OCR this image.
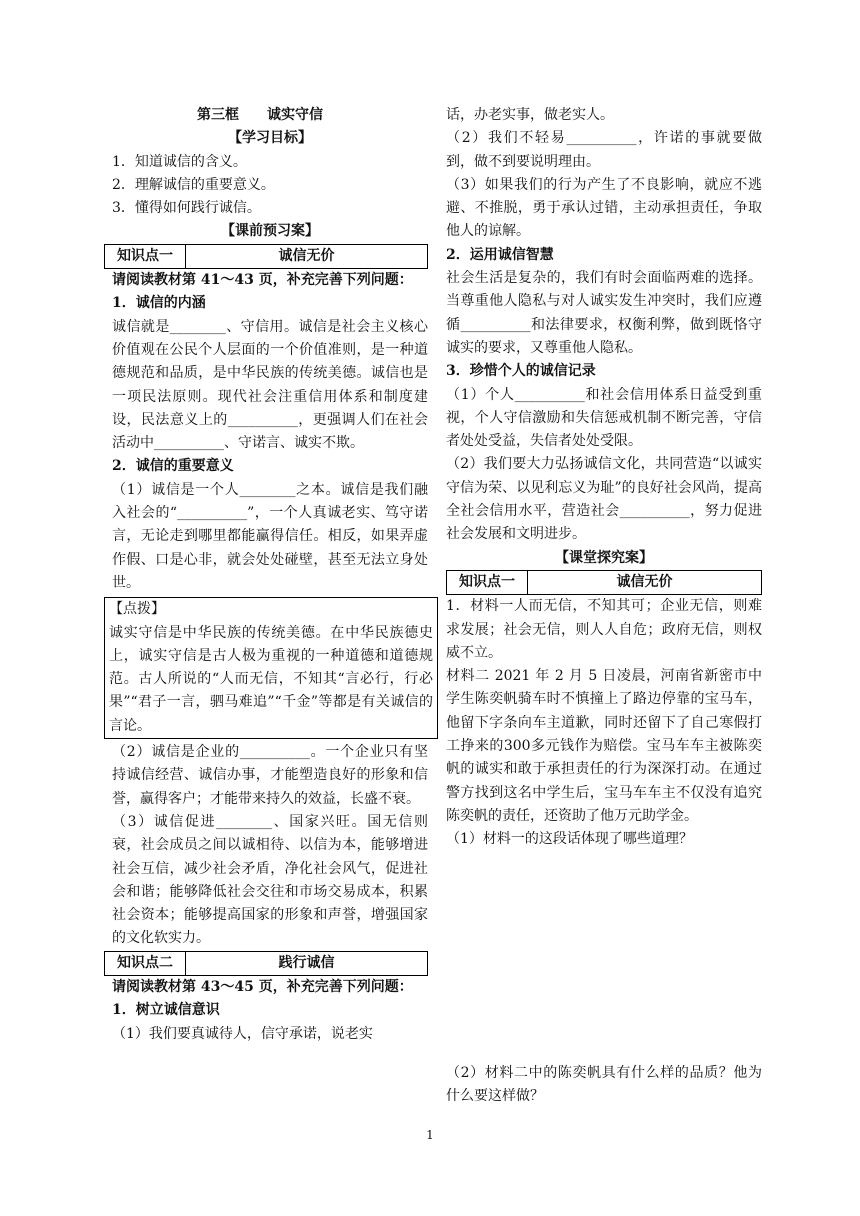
第三框　　诚实守信

【学习目标】

1．知道诚信的含义。

2．理解诚信的重要意义。

3．懂得如何践行诚信。

【课前预习案】

知识点一	诚信无价

请阅读教材第 41～43 页，补充完善下列问题：

1．诚信的内涵

诚信就是________、守信用。诚信是社会主义核心价值观在公民个人层面的一个价值准则，是一种道德规范和品质，是中华民族的传统美德。诚信也是一项民法原则。现代社会注重信用体系和制度建设，民法意义上的__________，更强调人们在社会活动中__________、守诺言、诚实不欺。

2．诚信的重要意义

（1）诚信是一个人________之本。诚信是我们融入社会的“__________”，一个人真诚老实、笃守诺言，无论走到哪里都能赢得信任。相反，如果弄虚作假、口是心非，就会处处碰壁，甚至无法立身处世。

【点拨】

诚实守信是中华民族的传统美德。在中华民族德史上，诚实守信是古人极为重视的一种道德和道德规范。古人所说的“人而无信，不知其“言必行，行必果”“君子一言，驷马难追”“千金”等都是有关诚信的言论。

（2）诚信是企业的__________。一个企业只有坚持诚信经营、诚信办事，才能塑造良好的形象和信誉，赢得客户；才能带来持久的效益，长盛不衰。

（3）诚信促进________、国家兴旺。国无信则衰，社会成员之间以诚相待、以信为本，能够增进社会互信，减少社会矛盾，净化社会风气，促进社会和谐；能够降低社会交往和市场交易成本，积累社会资本；能够提高国家的形象和声誉，增强国家的文化软实力。

知识点二	践行诚信

请阅读教材第 43～45 页，补充完善下列问题：

1．树立诚信意识

（1）我们要真诚待人，信守承诺，说老实

话，办老实事，做老实人。

（2）我们不轻易__________，许诺的事就要做到，做不到要说明理由。

（3）如果我们的行为产生了不良影响，就应不逃避、不推脱，勇于承认过错，主动承担责任，争取他人的谅解。

2．运用诚信智慧

社会生活是复杂的，我们有时会面临两难的选择。当尊重他人隐私与对人诚实发生冲突时，我们应遵循__________和法律要求，权衡利弊，做到既恪守诚实的要求，又尊重他人隐私。

3．珍惜个人的诚信记录

（1）个人__________和社会信用体系日益受到重视，个人守信激励和失信惩戒机制不断完善，守信者处处受益，失信者处处受限。

（2）我们要大力弘扬诚信文化，共同营造“以诚实守信为荣、以见利忘义为耻”的良好社会风尚，提高全社会信用水平，营造社会__________，努力促进社会发展和文明进步。

【课堂探究案】

知识点一	诚信无价

1．材料一人而无信，不知其可；企业无信，则难求发展；社会无信，则人人自危；政府无信，则权威不立。

材料二 2021 年 2 月 5 日凌晨，河南省新密市中学生陈奕帆骑车时不慎撞上了路边停靠的宝马车，他留下字条向车主道歉，同时还留下了自己寒假打工挣来的300多元钱作为赔偿。宝马车车主被陈奕帆的诚实和敢于承担责任的行为深深打动。在通过警方找到这名中学生后，宝马车车主不仅没有追究陈奕帆的责任，还资助了他万元助学金。

（1）材料一的这段话体现了哪些道理？

（2）材料二中的陈奕帆具有什么样的品质？他为什么要这样做？

1
